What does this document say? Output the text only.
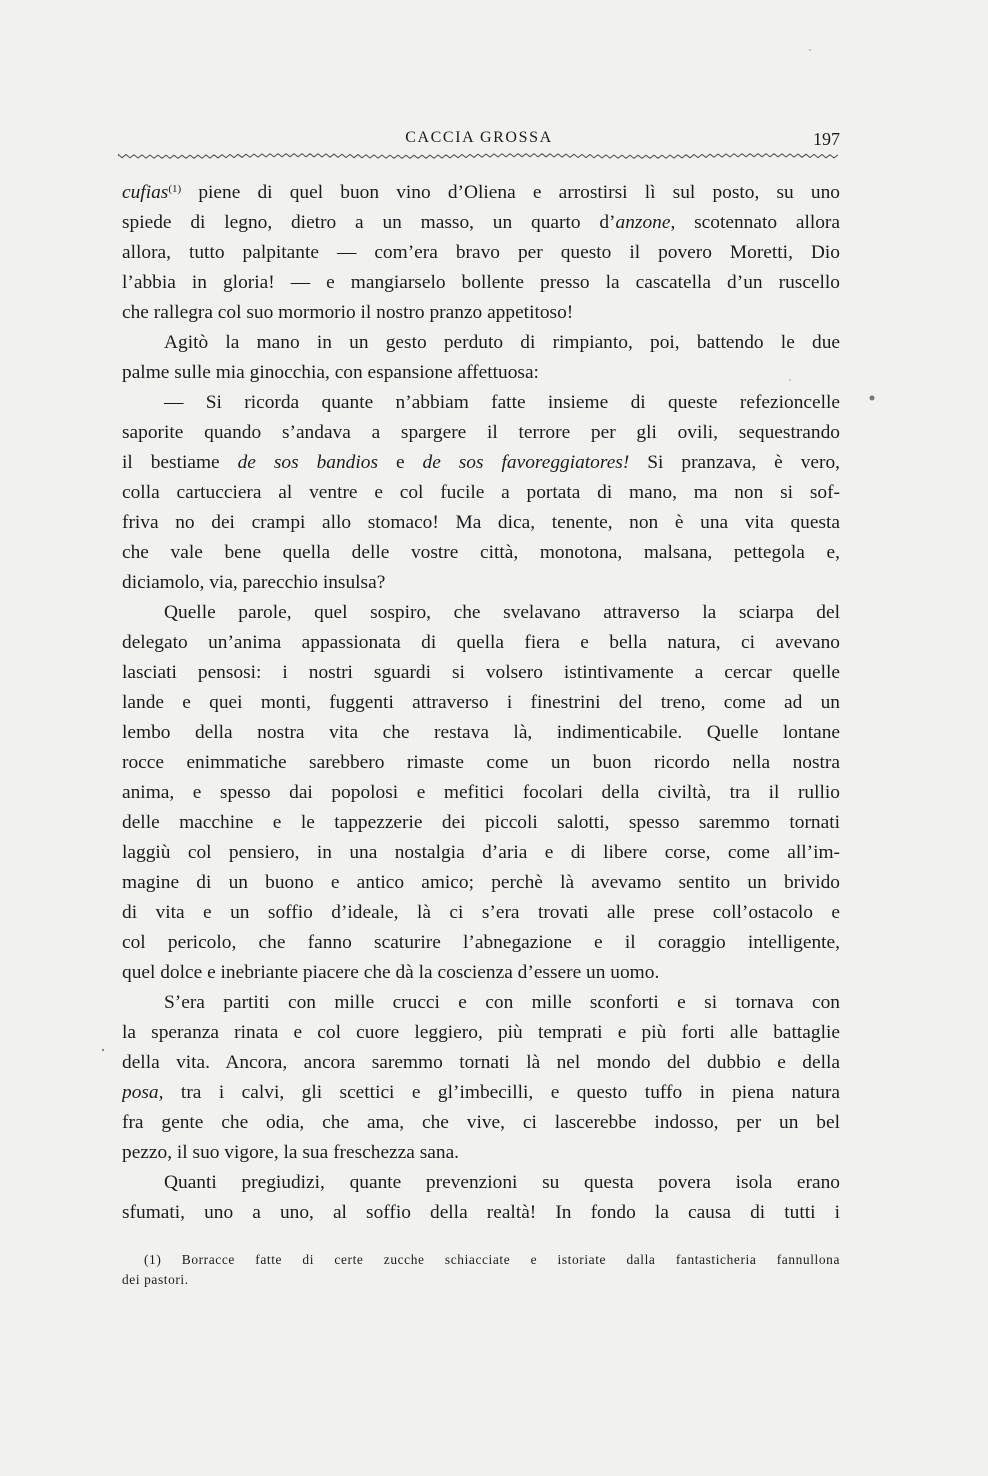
CACCIA GROSSA	197
cufias$^{(1)}$ piene di quel buon vino d’Oliena e arrostirsi lì sul posto, su uno
spiede di legno, dietro a un masso, un quarto d’anzone, scotennato allora
allora, tutto palpitante — com’era bravo per questo il povero Moretti, Dio
l’abbia in gloria! — e mangiarselo bollente presso la cascatella d’un ruscello
che rallegra col suo mormorio il nostro pranzo appetitoso!
Agitò la mano in un gesto perduto di rimpianto, poi, battendo le due
palme sulle mia ginocchia, con espansione affettuosa:
— Si ricorda quante n’abbiam fatte insieme di queste refezioncelle
saporite quando s’andava a spargere il terrore per gli ovili, sequestrando
il bestiame de sos bandios e de sos favoreggiatores! Si pranzava, è vero,
colla cartucciera al ventre e col fucile a portata di mano, ma non si sof-
friva no dei crampi allo stomaco! Ma dica, tenente, non è una vita questa
che vale bene quella delle vostre città, monotona, malsana, pettegola e,
diciamolo, via, parecchio insulsa?
Quelle parole, quel sospiro, che svelavano attraverso la sciarpa del
delegato un’anima appassionata di quella fiera e bella natura, ci avevano
lasciati pensosi: i nostri sguardi si volsero istintivamente a cercar quelle
lande e quei monti, fuggenti attraverso i finestrini del treno, come ad un
lembo della nostra vita che restava là, indimenticabile. Quelle lontane
rocce enimmatiche sarebbero rimaste come un buon ricordo nella nostra
anima, e spesso dai popolosi e mefitici focolari della civiltà, tra il rullio
delle macchine e le tappezzerie dei piccoli salotti, spesso saremmo tornati
laggiù col pensiero, in una nostalgia d’aria e di libere corse, come all’im-
magine di un buono e antico amico; perchè là avevamo sentito un brivido
di vita e un soffio d’ideale, là ci s’era trovati alle prese coll’ostacolo e
col pericolo, che fanno scaturire l’abnegazione e il coraggio intelligente,
quel dolce e inebriante piacere che dà la coscienza d’essere un uomo.
S’era partiti con mille crucci e con mille sconforti e si tornava con
la speranza rinata e col cuore leggiero, più temprati e più forti alle battaglie
della vita. Ancora, ancora saremmo tornati là nel mondo del dubbio e della
posa, tra i calvi, gli scettici e gl’imbecilli, e questo tuffo in piena natura
fra gente che odia, che ama, che vive, ci lascerebbe indosso, per un bel
pezzo, il suo vigore, la sua freschezza sana.
Quanti pregiudizi, quante prevenzioni su questa povera isola erano
sfumati, uno a uno, al soffio della realtà! In fondo la causa di tutti i
(1) Borracce fatte di certe zucche schiacciate e istoriate dalla fantasticheria fannullona
dei pastori.
